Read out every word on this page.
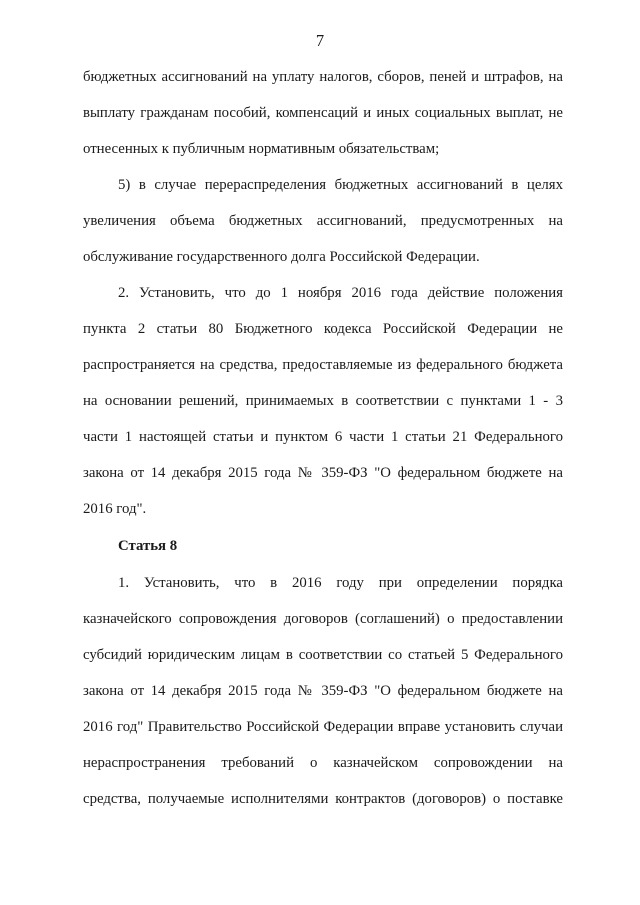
7
бюджетных ассигнований на уплату налогов, сборов, пеней и штрафов, на
выплату гражданам пособий, компенсаций и иных социальных выплат, не
отнесенных к публичным нормативным обязательствам;
5) в случае перераспределения бюджетных ассигнований в целях
увеличения объема бюджетных ассигнований, предусмотренных на
обслуживание государственного долга Российской Федерации.
2. Установить, что до 1 ноября 2016 года действие положения
пункта 2 статьи 80 Бюджетного кодекса Российской Федерации не
распространяется на средства, предоставляемые из федерального бюджета
на основании решений, принимаемых в соответствии с пунктами 1 - 3
части 1 настоящей статьи и пунктом 6 части 1 статьи 21 Федерального
закона от 14 декабря 2015 года № 359-ФЗ "О федеральном бюджете на
2016 год".
Статья 8
1. Установить, что в 2016 году при определении порядка
казначейского сопровождения договоров (соглашений) о предоставлении
субсидий юридическим лицам в соответствии со статьей 5 Федерального
закона от 14 декабря 2015 года № 359-ФЗ "О федеральном бюджете на
2016 год" Правительство Российской Федерации вправе установить случаи
нераспространения требований о казначейском сопровождении на
средства, получаемые исполнителями контрактов (договоров) о поставке
